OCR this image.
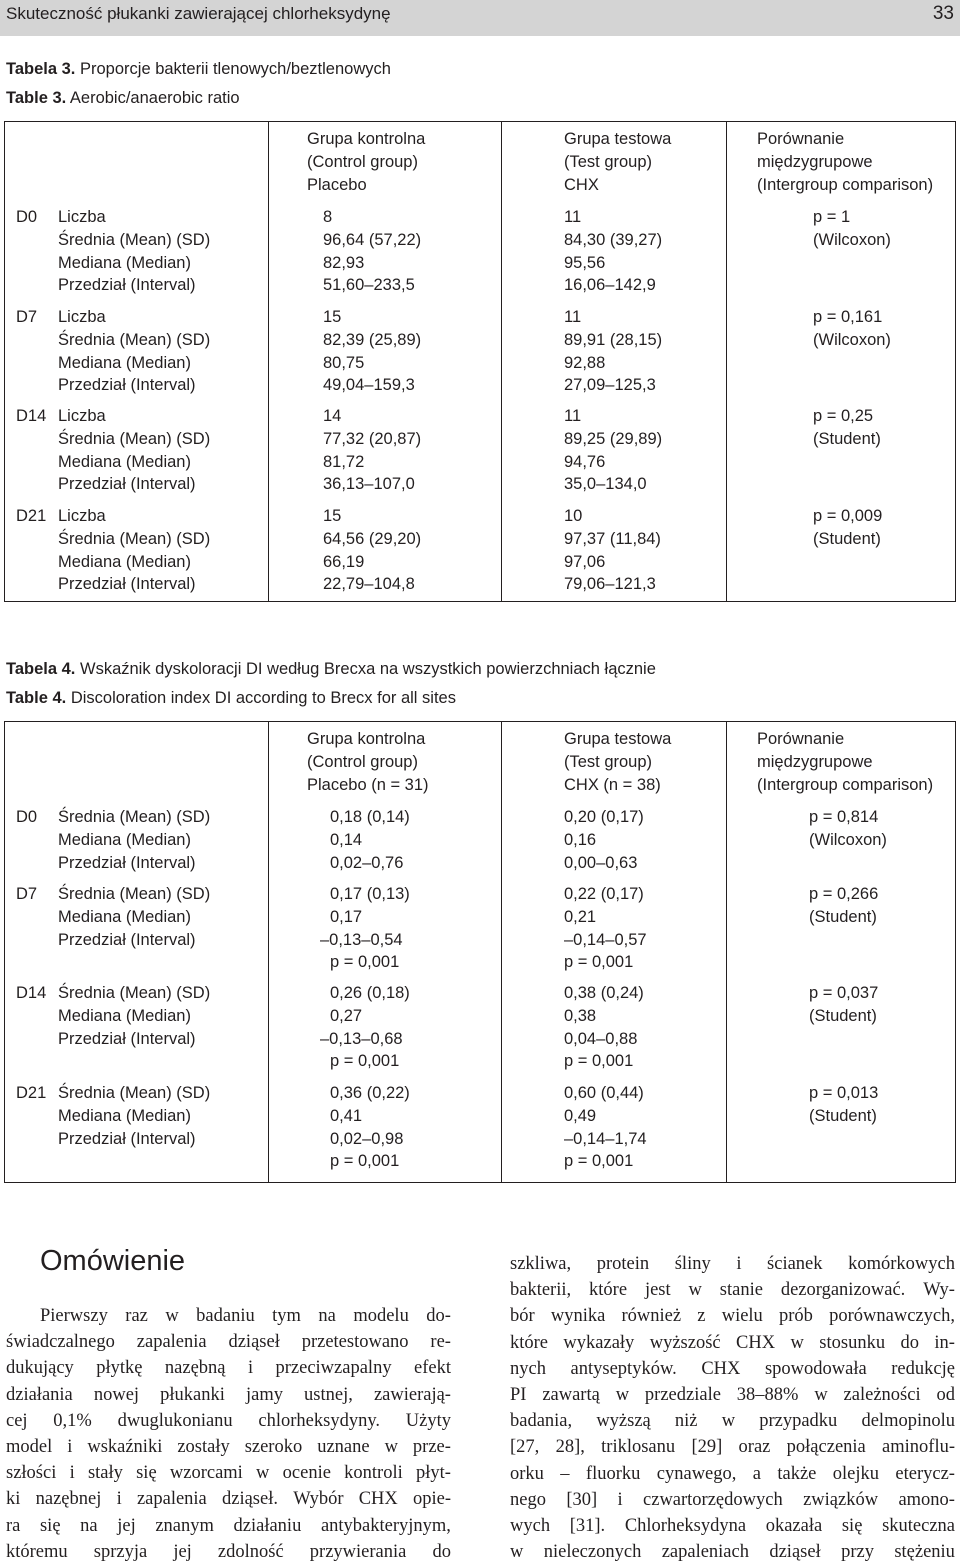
Skuteczność płukanki zawierającej chlorheksydynę	33
Tabela 3. Proporcje bakterii tlenowych/beztlenowych
Table 3. Aerobic/anaerobic ratio
Grupa kontrolna
(Control group)
Placebo
Grupa testowa
(Test group)
CHX
Porównanie
międzygrupowe
(Intergroup comparison)
D0 Liczba
Średnia (Mean) (SD)
Mediana (Median)
Przedział (Interval)
8
96,64 (57,22)
82,93
51,60–233,5
11
84,30 (39,27)
95,56
16,06–142,9
p = 1
(Wilcoxon)
D7 Liczba
Średnia (Mean) (SD)
Mediana (Median)
Przedział (Interval)
15
82,39 (25,89)
80,75
49,04–159,3
11
89,91 (28,15)
92,88
27,09–125,3
p = 0,161
(Wilcoxon)
D14 Liczba
Średnia (Mean) (SD)
Mediana (Median)
Przedział (Interval)
14
77,32 (20,87)
81,72
36,13–107,0
11
89,25 (29,89)
94,76
35,0–134,0
p = 0,25
(Student)
D21 Liczba
Średnia (Mean) (SD)
Mediana (Median)
Przedział (Interval)
15
64,56 (29,20)
66,19
22,79–104,8
10
97,37 (11,84)
97,06
79,06–121,3
p = 0,009
(Student)
Tabela 4. Wskaźnik dyskoloracji DI według Brecxa na wszystkich powierzchniach łącznie
Table 4. Discoloration index DI according to Brecx for all sites
Grupa kontrolna
(Control group)
Placebo (n = 31)
Grupa testowa
(Test group)
CHX (n = 38)
Porównanie
międzygrupowe
(Intergroup comparison)
D0 Średnia (Mean) (SD)
Mediana (Median)
Przedział (Interval)
0,18 (0,14)
0,14
0,02–0,76
0,20 (0,17)
0,16
0,00–0,63
p = 0,814
(Wilcoxon)
D7 Średnia (Mean) (SD)
Mediana (Median)
Przedział (Interval)
0,17 (0,13)
0,17
–0,13–0,54
p = 0,001
0,22 (0,17)
0,21
–0,14–0,57
p = 0,001
p = 0,266
(Student)
D14 Średnia (Mean) (SD)
Mediana (Median)
Przedział (Interval)
0,26 (0,18)
0,27
–0,13–0,68
p = 0,001
0,38 (0,24)
0,38
0,04–0,88
p = 0,001
p = 0,037
(Student)
D21 Średnia (Mean) (SD)
Mediana (Median)
Przedział (Interval)
0,36 (0,22)
0,41
0,02–0,98
p = 0,001
0,60 (0,44)
0,49
–0,14–1,74
p = 0,001
p = 0,013
(Student)
Omówienie

Pierwszy raz w badaniu tym na modelu do-

świadczalnego zapalenia dziąseł przetestowano re-

dukujący płytkę nazębną i przeciwzapalny efekt

działania nowej płukanki jamy ustnej, zawierają-

cej 0,1% dwuglukonianu chlorheksydyny. Użyty

model i wskaźniki zostały szeroko uznane w prze-

szłości i stały się wzorcami w ocenie kontroli płyt-

ki nazębnej i zapalenia dziąseł. Wybór CHX opie-

ra się na jej znanym działaniu antybakteryjnym,

któremu sprzyja jej zdolność przywierania do

szkliwa, protein śliny i ścianek komórkowych

bakterii, które jest w stanie dezorganizować. Wy-

bór wynika również z wielu prób porównawczych,

które wykazały wyższość CHX w stosunku do in-

nych antyseptyków. CHX spowodowała redukcję

PI zawartą w przedziale 38–88% w zależności od

badania, wyższą niż w przypadku delmopinolu

[27, 28], triklosanu [29] oraz połączenia aminoflu-

orku – fluorku cynawego, a także olejku eterycz-

nego [30] i czwartorzędowych związków amono-

wych [31]. Chlorheksydyna okazała się skuteczna

w nieleczonych zapaleniach dziąseł przy stężeniu
